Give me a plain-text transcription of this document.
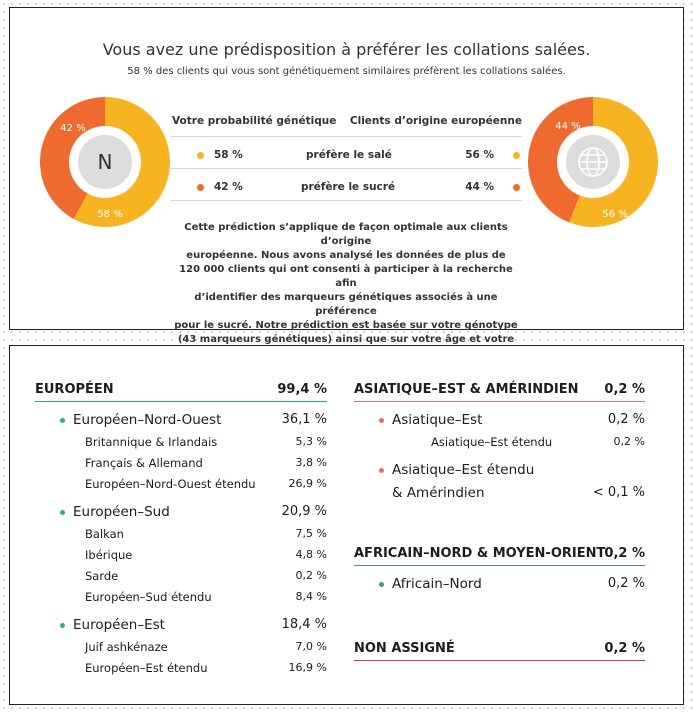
Vous avez une prédisposition à préférer les collations salées.
58 % des clients qui vous sont génétiquement similaires préfèrent les collations salées.
N
58 %
42 %
56 %
44 %
Votre probabilité génétique Clients d’origine européenne
58 %	préfère le salé	56 %
42 %	préfère le sucré	44 %
Cette prédiction s’applique de façon optimale aux clients d’origine
européenne. Nous avons analysé les données de plus de
120 000 clients qui ont consenti à participer à la recherche afin
d’identifier des marqueurs génétiques associés à une préférence
pour le sucré. Notre prédiction est basée sur votre génotype
(43 marqueurs génétiques) ainsi que sur votre âge et votre
EUROPÉEN	99,4 %
Européen–Nord-Ouest	36,1 %
Britannique & Irlandais	5,3 %
Français & Allemand	3,8 %
Européen–Nord-Ouest étendu	26,9 %
Européen–Sud	20,9 %
Balkan	7,5 %
Ibérique	4,8 %
Sarde	0,2 %
Européen–Sud étendu	8,4 %
Européen–Est	18,4 %
Juif ashkénaze	7,0 %
Européen–Est étendu	16,9 %
ASIATIQUE–EST & AMÉRINDIEN 0,2 %
Asiatique–Est	0,2 %
Asiatique–Est étendu	0,2 %
Asiatique–Est étendu
& Amérindien	< 0,1 %
AFRICAIN–NORD & MOYEN-ORIENT 0,2 %
Africain–Nord	0,2 %
NON ASSIGNÉ	0,2 %
